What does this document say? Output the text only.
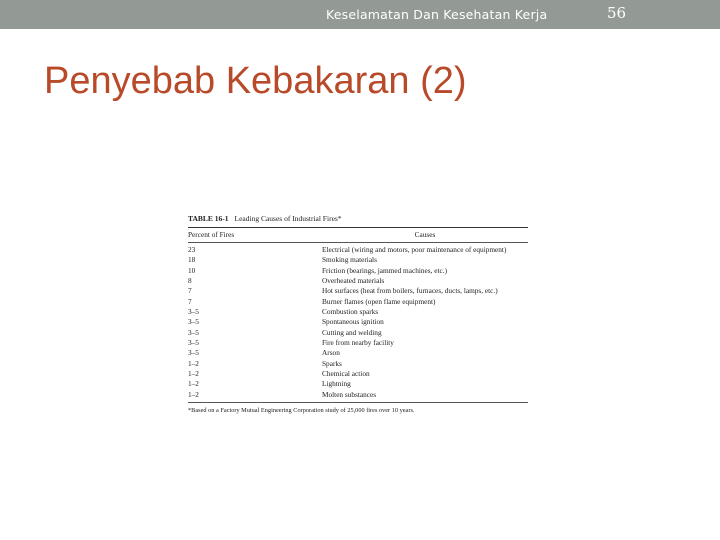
Keselamatan Dan Kesehatan Kerja	56
Penyebab Kebakaran (2)
TABLE 16-1 Leading Causes of Industrial Fires*
Percent of Fires	Causes
23	Electrical (wiring and motors, poor maintenance of equipment)
18	Smoking materials
10	Friction (bearings, jammed machines, etc.)
8	Overheated materials
7	Hot surfaces (heat from boilers, furnaces, ducts, lamps, etc.)
7	Burner flames (open flame equipment)
3–5	Combustion sparks
3–5	Spontaneous ignition
3–5	Cutting and welding
3–5	Fire from nearby facility
3–5	Arson
1–2	Sparks
1–2	Chemical action
1–2	Lightning
1–2	Molten substances
*Based on a Factory Mutual Engineering Corporation study of 25,000 fires over 10 years.
